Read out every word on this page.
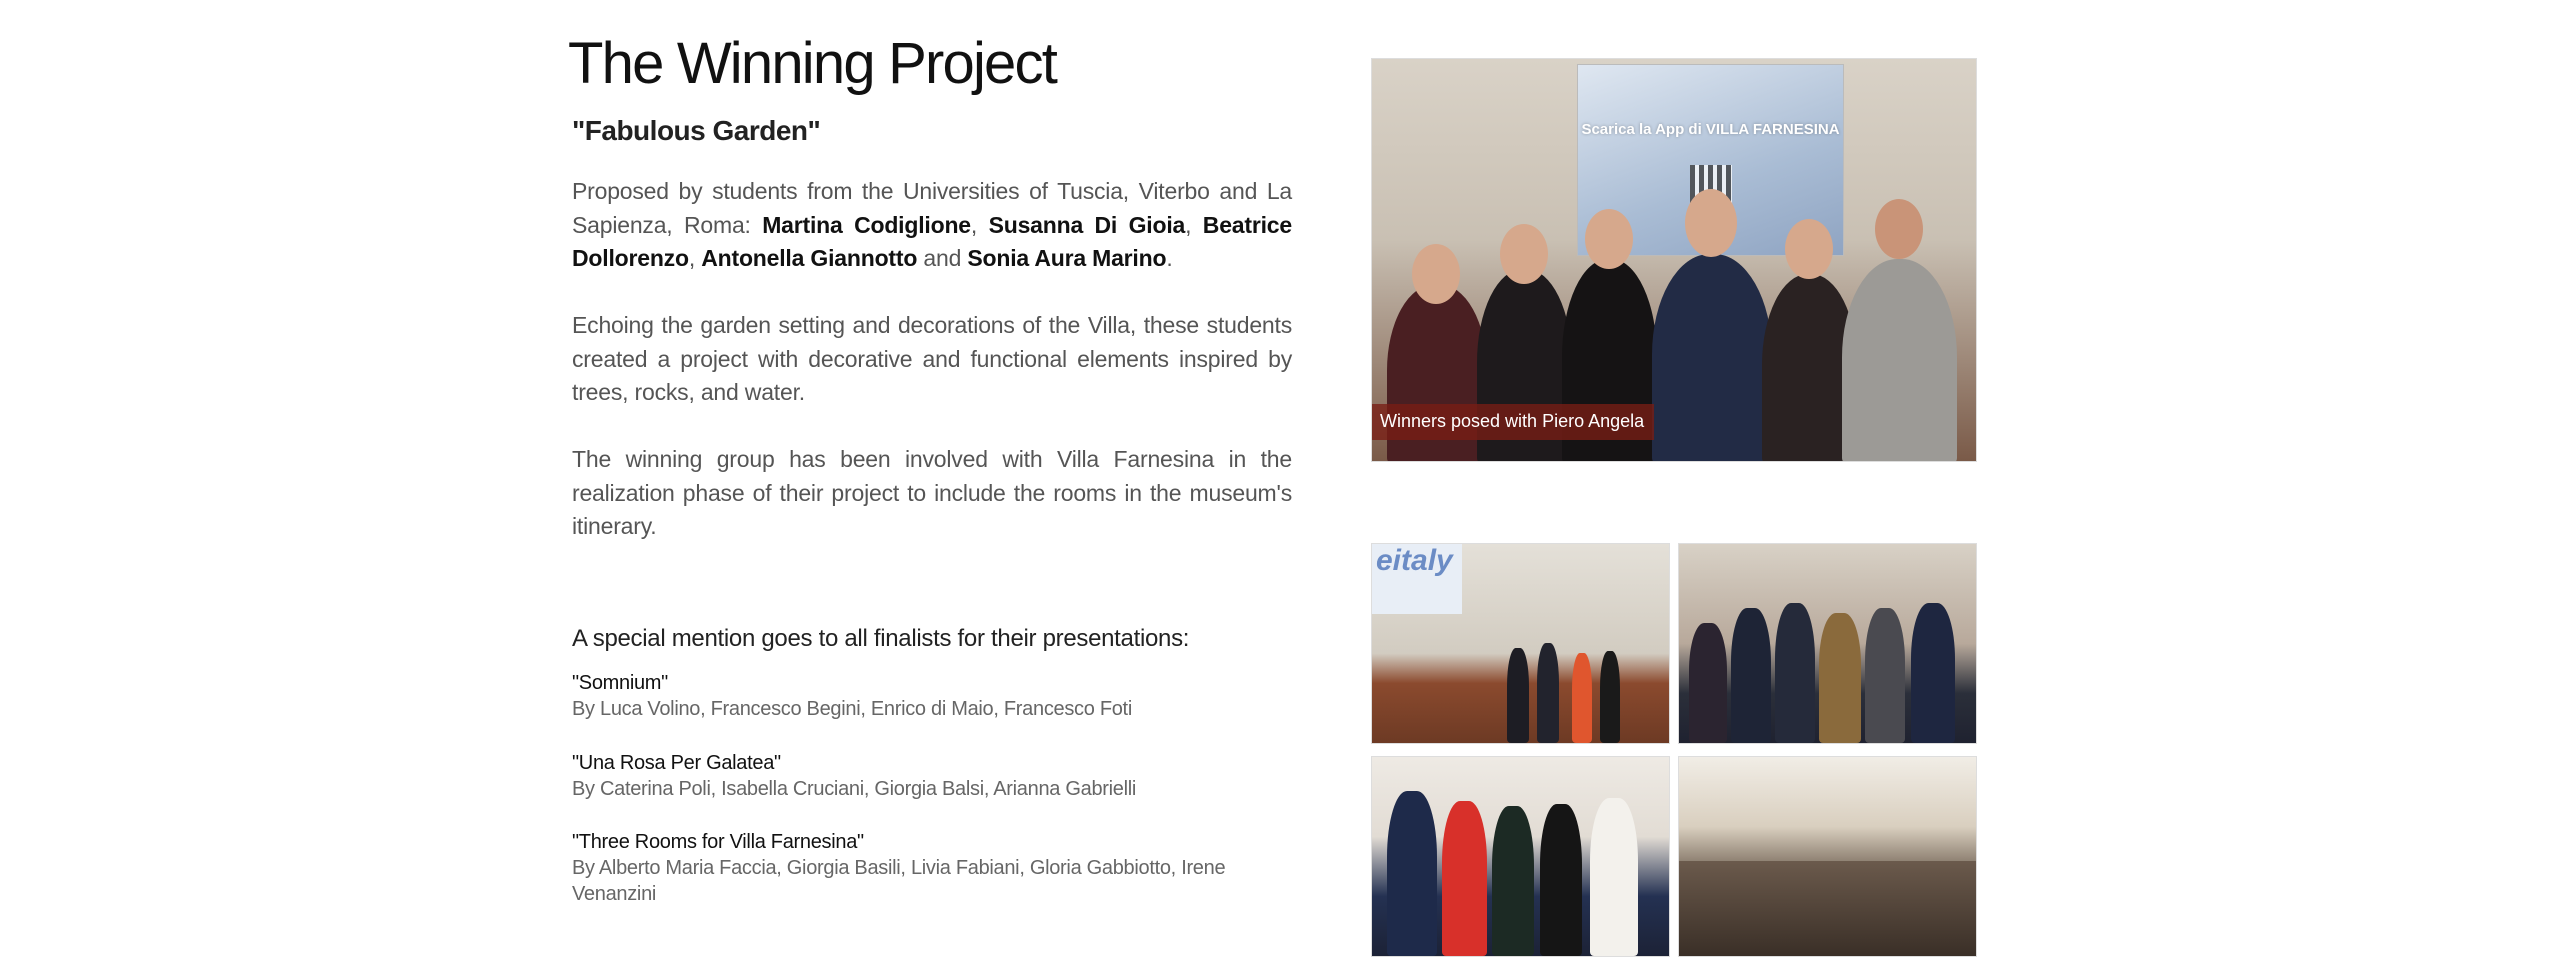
The Winning Project
"Fabulous Garden"

Proposed by students from the Universities of Tuscia, Viterbo and La Sapienza, Roma: Martina Codiglione, Susanna Di Gioia, Beatrice Dollorenzo, Antonella Giannotto and Sonia Aura Marino.

Echoing the garden setting and decorations of the Villa, these students created a project with decorative and functional elements inspired by trees, rocks, and water.

The winning group has been involved with Villa Farnesina in the realization phase of their project to include the rooms in the museum's itinerary.

A special mention goes to all finalists for their presentations:

"Somnium"
By Luca Volino, Francesco Begini, Enrico di Maio, Francesco Foti
"Una Rosa Per Galatea"
By Caterina Poli, Isabella Cruciani, Giorgia Balsi, Arianna Gabrielli
"Three Rooms for Villa Farnesina"
By Alberto Maria Faccia, Giorgia Basili, Livia Fabiani, Gloria Gabbiotto, Irene Venanzini
Scarica la App di VILLA FARNESINA
Winners posed with Piero Angela
eitaly
